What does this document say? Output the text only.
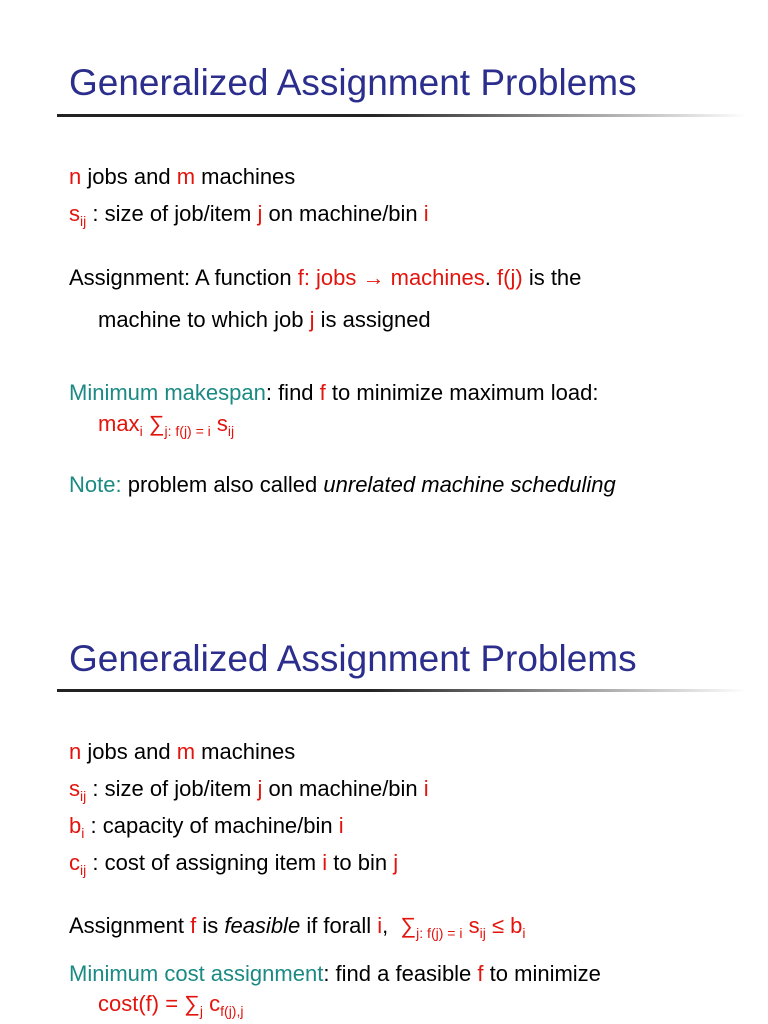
Generalized Assignment Problems
n jobs and m machines
$s_{ij}$ : size of job/item j on machine/bin i
Assignment: A function f: jobs → machines. f(j) is the
machine to which job j is assigned
Minimum makespan: find f to minimize maximum load:
$\max_i \sum_{j: f(j) = i}$ $s_{ij}$
Note: problem also called unrelated machine scheduling
Generalized Assignment Problems
n jobs and m machines
$s_{ij}$ : size of job/item j on machine/bin i
$b_i$ : capacity of machine/bin i
$c_{ij}$ : cost of assigning item i to bin j
Assignment f is feasible if forall i, $\sum_{j: f(j) = i}$ $s_{ij} \le b_i$
Minimum cost assignment: find a feasible f to minimize
$\cos t(f) = \sum_j$ $c_{f(j),j}$
